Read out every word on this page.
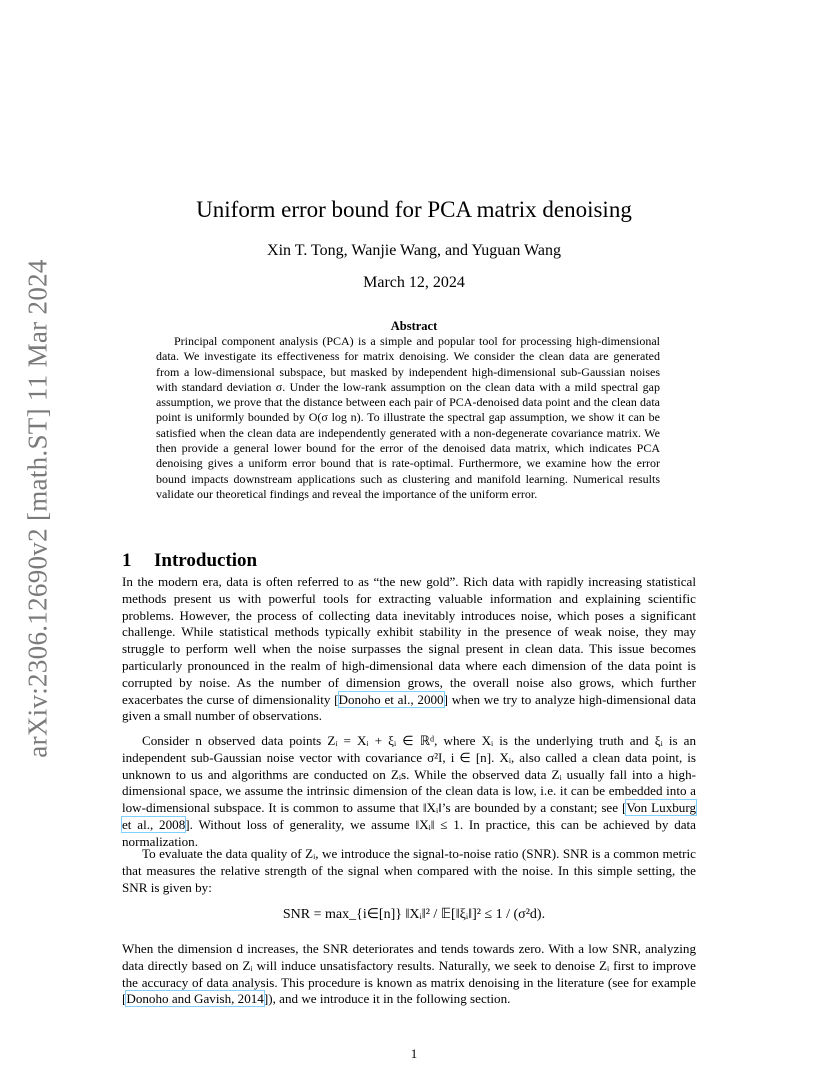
arXiv:2306.12690v2 [math.ST] 11 Mar 2024
Uniform error bound for PCA matrix denoising
Xin T. Tong, Wanjie Wang, and Yuguan Wang
March 12, 2024
Abstract

Principal component analysis (PCA) is a simple and popular tool for processing high-dimensional data. We investigate its effectiveness for matrix denoising. We consider the clean data are generated from a low-dimensional subspace, but masked by independent high-dimensional sub-Gaussian noises with standard deviation σ. Under the low-rank assumption on the clean data with a mild spectral gap assumption, we prove that the distance between each pair of PCA-denoised data point and the clean data point is uniformly bounded by O(σ log n). To illustrate the spectral gap assumption, we show it can be satisfied when the clean data are independently generated with a non-degenerate covariance matrix. We then provide a general lower bound for the error of the denoised data matrix, which indicates PCA denoising gives a uniform error bound that is rate-optimal. Furthermore, we examine how the error bound impacts downstream applications such as clustering and manifold learning. Numerical results validate our theoretical findings and reveal the importance of the uniform error.

1	Introduction

In the modern era, data is often referred to as “the new gold”. Rich data with rapidly increasing statistical methods present us with powerful tools for extracting valuable information and explaining scientific problems. However, the process of collecting data inevitably introduces noise, which poses a significant challenge. While statistical methods typically exhibit stability in the presence of weak noise, they may struggle to perform well when the noise surpasses the signal present in clean data. This issue becomes particularly pronounced in the realm of high-dimensional data where each dimension of the data point is corrupted by noise. As the number of dimension grows, the overall noise also grows, which further exacerbates the curse of dimensionality [Donoho et al., 2000] when we try to analyze high-dimensional data given a small number of observations.

Consider n observed data points Zᵢ = Xᵢ + ξᵢ ∈ ℝᵈ, where Xᵢ is the underlying truth and ξᵢ is an independent sub-Gaussian noise vector with covariance σ²I, i ∈ [n]. Xᵢ, also called a clean data point, is unknown to us and algorithms are conducted on Zᵢs. While the observed data Zᵢ usually fall into a high-dimensional space, we assume the intrinsic dimension of the clean data is low, i.e. it can be embedded into a low-dimensional subspace. It is common to assume that ‖Xᵢ‖’s are bounded by a constant; see [Von Luxburg et al., 2008]. Without loss of generality, we assume ‖Xᵢ‖ ≤ 1. In practice, this can be achieved by data normalization.

To evaluate the data quality of Zᵢ, we introduce the signal-to-noise ratio (SNR). SNR is a common metric that measures the relative strength of the signal when compared with the noise. In this simple setting, the SNR is given by:

SNR = max_{i∈[n]} ‖Xᵢ‖² / 𝔼[‖ξᵢ‖]² ≤ 1 / (σ²d).

When the dimension d increases, the SNR deteriorates and tends towards zero. With a low SNR, analyzing data directly based on Zᵢ will induce unsatisfactory results. Naturally, we seek to denoise Zᵢ first to improve the accuracy of data analysis. This procedure is known as matrix denoising in the literature (see for example [Donoho and Gavish, 2014]), and we introduce it in the following section.

1
